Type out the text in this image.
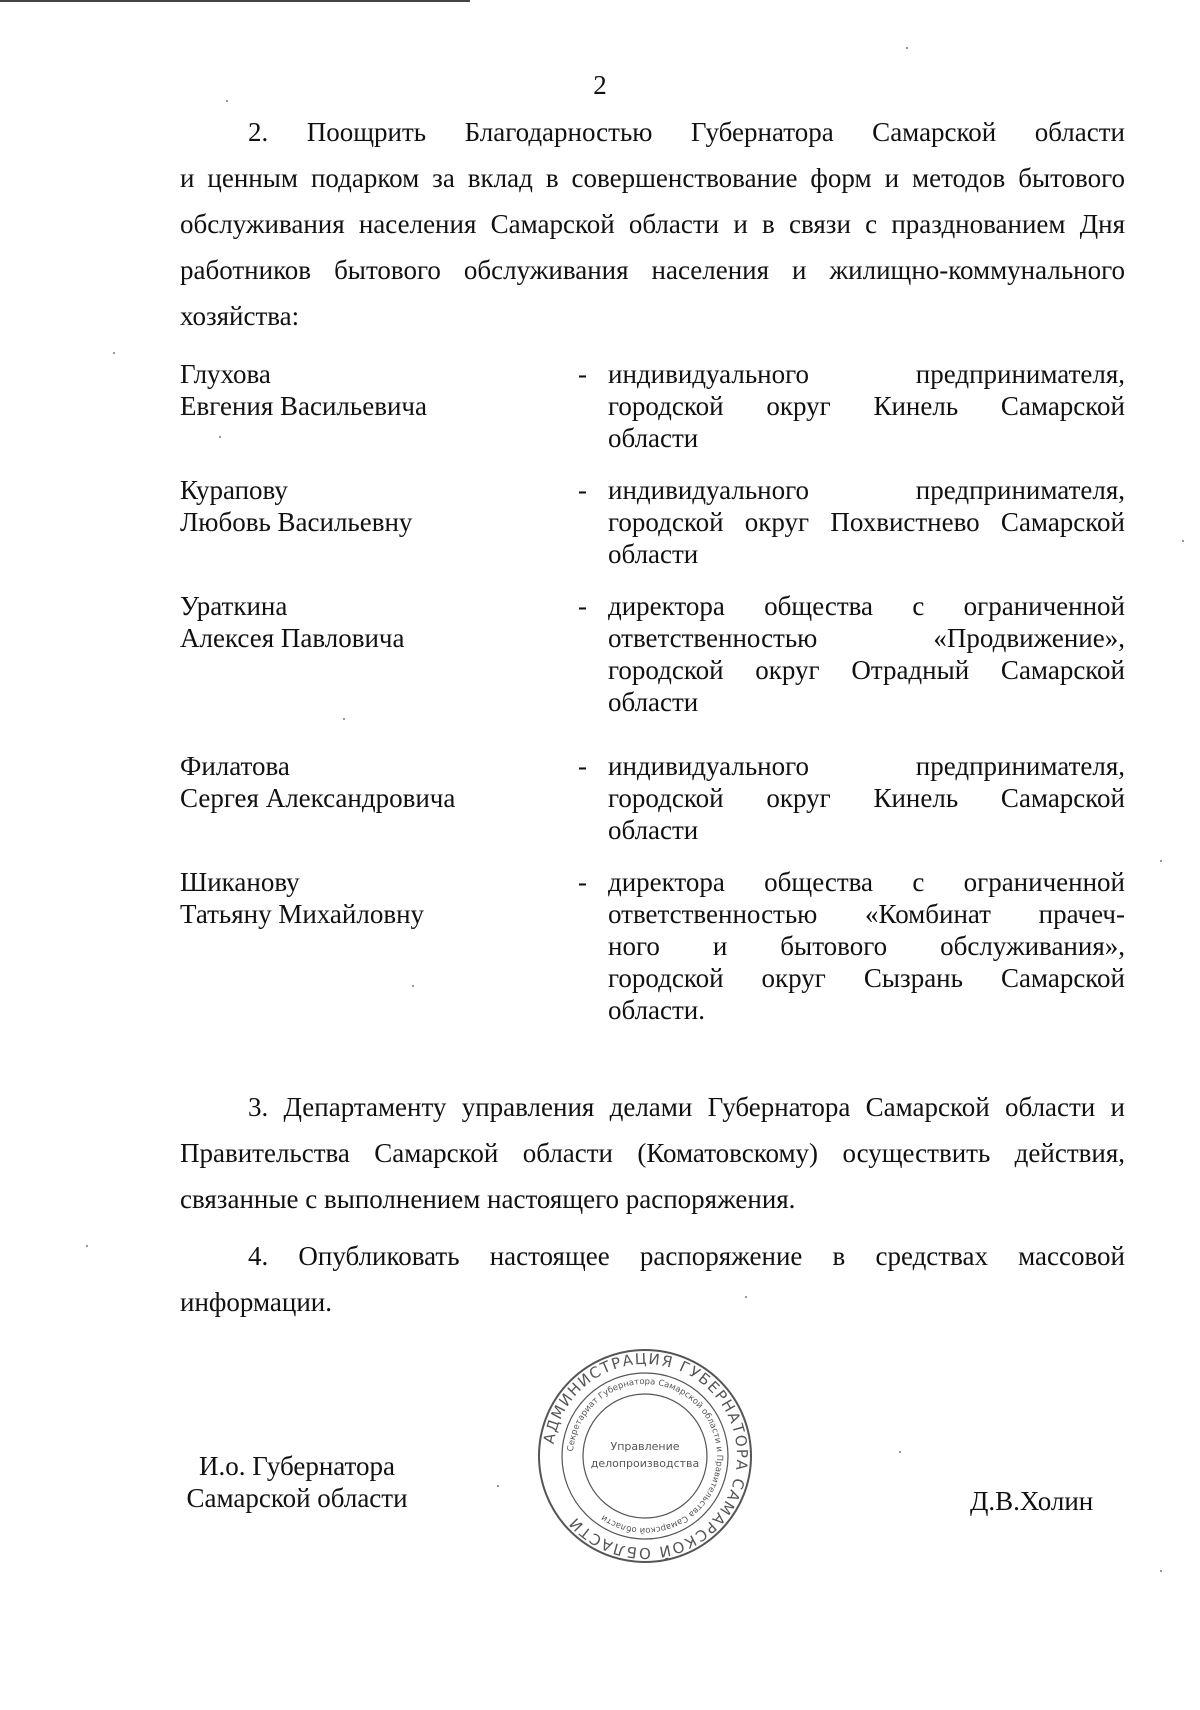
2
2. Поощрить Благодарностью Губернатора Самарской области
и ценным подарком за вклад в совершенствование форм и методов бытового
обслуживания населения Самарской области и в связи с празднованием Дня
работников бытового обслуживания населения и жилищно-коммунального
хозяйства:
Глухова
Евгения Васильевича
- индивидуального предпринимателя,
городской округ Кинель Самарской
области
Курапову
Любовь Васильевну
- индивидуального предпринимателя,
городской округ Похвистнево Самарской
области
Ураткина
Алексея Павловича
- директора общества с ограниченной
ответственностью «Продвижение»,
городской округ Отрадный Самарской
области
Филатова
Сергея Александровича
- индивидуального предпринимателя,
городской округ Кинель Самарской
области
Шиканову
Татьяну Михайловну
- директора общества с ограниченной
ответственностью «Комбинат прачеч-
ного и бытового обслуживания»,
городской округ Сызрань Самарской
области.
3. Департаменту управления делами Губернатора Самарской области и
Правительства Самарской области (Коматовскому) осуществить действия,
связанные с выполнением настоящего распоряжения.
4. Опубликовать настоящее распоряжение в средствах массовой
информации.
И.о. Губернатора
Самарской области	Д.В.Холин
АДМИНИСТРАЦИЯ ГУБЕРНАТОРА САМАРСКОЙ ОБЛАСТИ
Секретариат Губернатора Самарской области и Правительства Самарской области
Управление
делопроизводства
